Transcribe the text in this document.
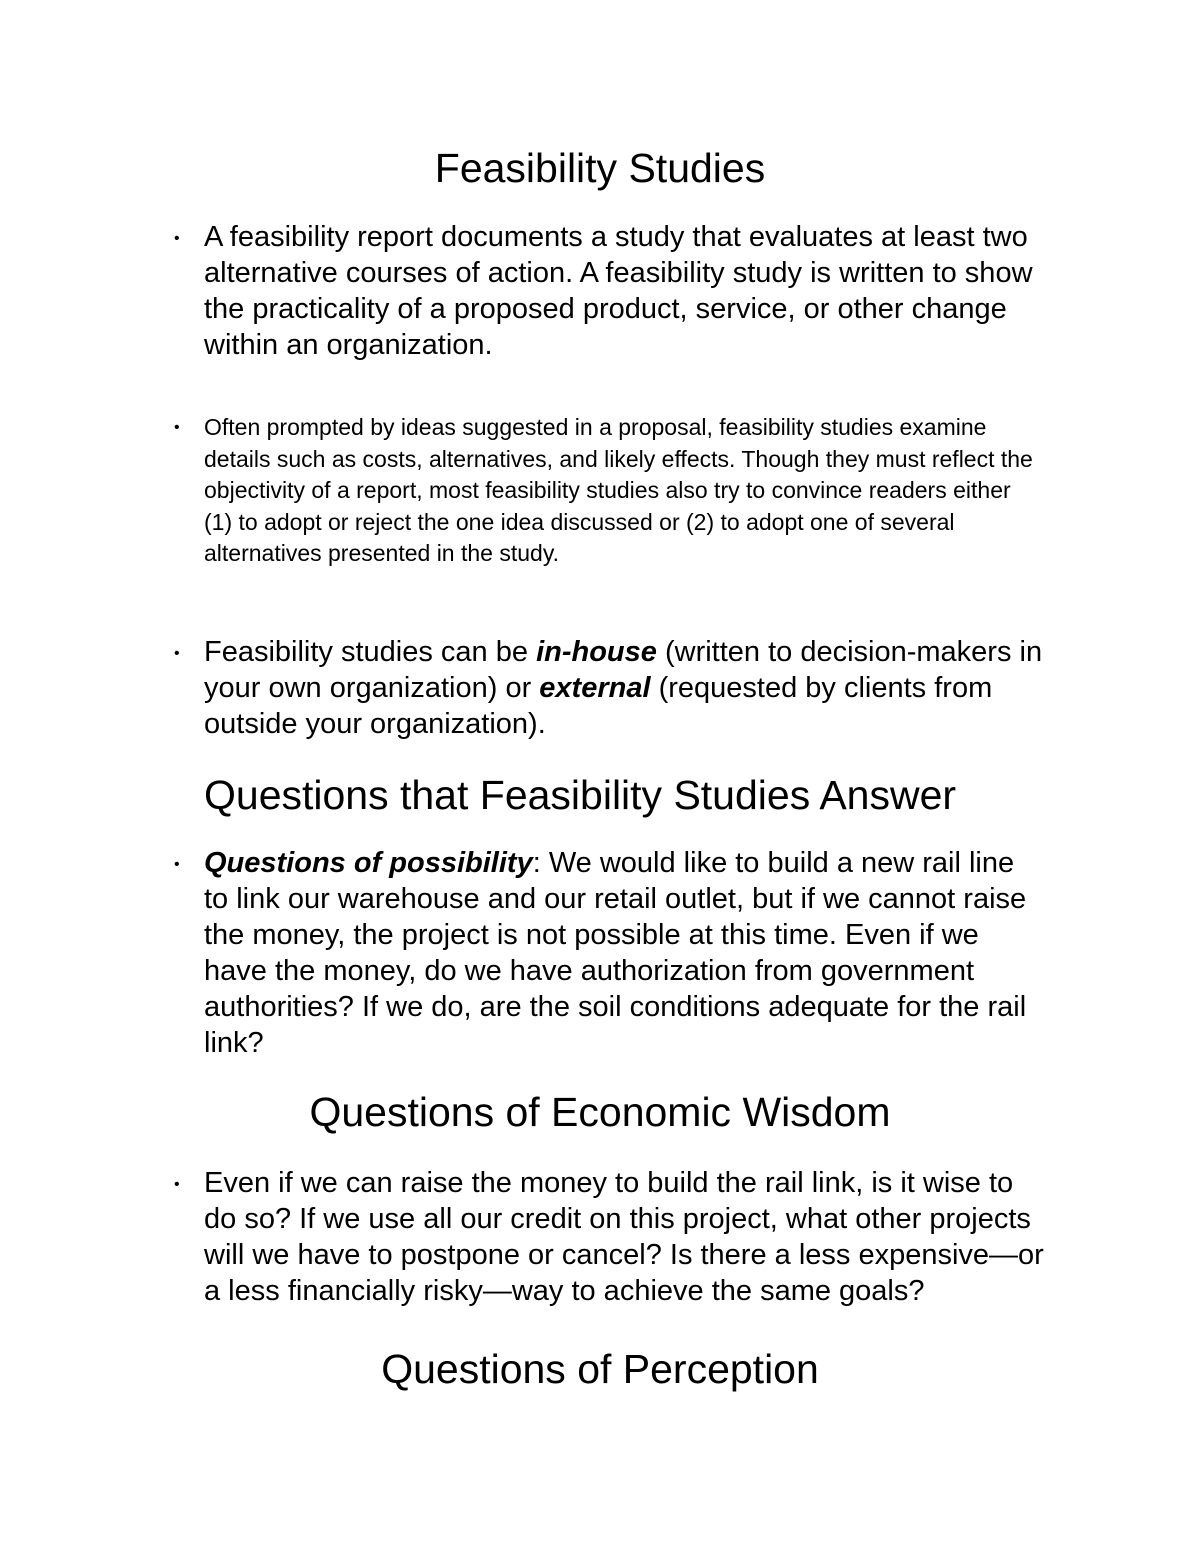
Feasibility Studies
• A feasibility report documents a study that evaluates at least two alternative courses of action. A feasibility study is written to show the practicality of a proposed product, service, or other change within an organization.

• Often prompted by ideas suggested in a proposal, feasibility studies examine details such as costs, alternatives, and likely effects. Though they must reflect the objectivity of a report, most feasibility studies also try to convince readers either (1) to adopt or reject the one idea discussed or (2) to adopt one of several alternatives presented in the study.

• Feasibility studies can be in-house (written to decision-makers in your own organization) or external (requested by clients from outside your organization).

Questions that Feasibility Studies Answer
• Questions of possibility: We would like to build a new rail line to link our warehouse and our retail outlet, but if we cannot raise the money, the project is not possible at this time. Even if we have the money, do we have authorization from government authorities? If we do, are the soil conditions adequate for the rail link?

Questions of Economic Wisdom
• Even if we can raise the money to build the rail link, is it wise to do so? If we use all our credit on this project, what other projects will we have to postpone or cancel? Is there a less expensive—or a less financially risky—way to achieve the same goals?

Questions of Perception
